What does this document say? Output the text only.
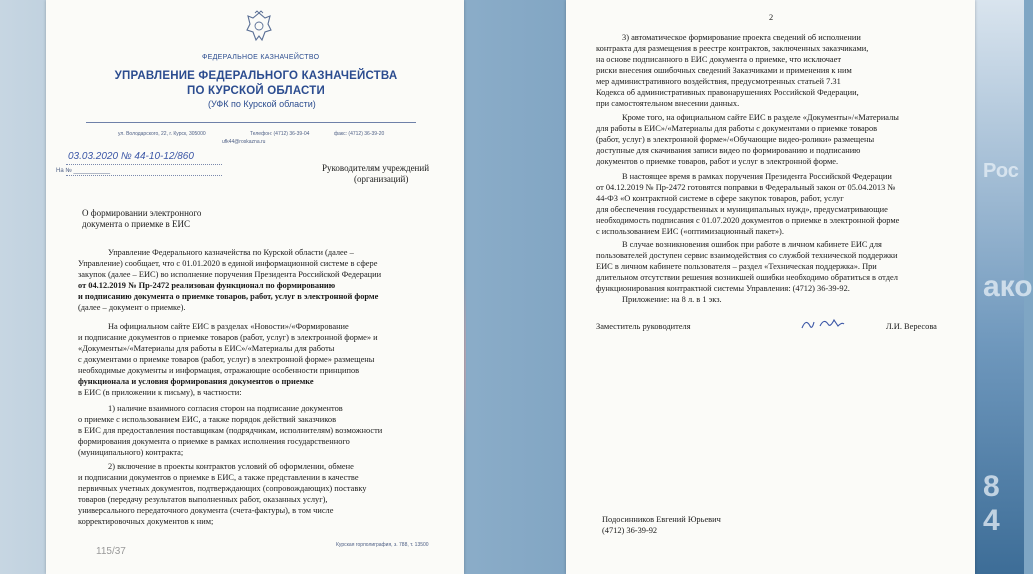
Рос
ако
8 4

ФЕДЕРАЛЬНОЕ КАЗНАЧЕЙСТВО

УПРАВЛЕНИЕ ФЕДЕРАЛЬНОГО КАЗНАЧЕЙСТВА

ПО КУРСКОЙ ОБЛАСТИ

(УФК по Курской области)

ул. Володарского, 22, г. Курск, 305000	Телефон: (4712) 36-39-04	факс: (4712) 36-39-20

ufk44@roskazna.ru

03.03.2020 № 44-10-12/860

На № ___________	Руководителям учреждений

(организаций)

О формировании электронного

документа о приемке в ЕИС

Управление Федерального казначейства по Курской области (далее –

Управление) сообщает, что с 01.01.2020 в единой информационной системе в сфере

закупок (далее – ЕИС) во исполнение поручения Президента Российской Федерации

от 04.12.2019 № Пр-2472 реализован функционал по формированию

и подписанию документа о приемке товаров, работ, услуг в электронной форме

(далее – документ о приемке).

На официальном сайте ЕИС в разделах «Новости»/«Формирование

и подписание документов о приемке товаров (работ, услуг) в электронной форме» и

«Документы»/«Материалы для работы в ЕИС»/«Материалы для работы

с документами о приемке товаров (работ, услуг) в электронной форме» размещены

необходимые документы и информация, отражающие особенности принципов

функционала и условия формирования документов о приемке

в ЕИС (в приложении к письму), в частности:

1) наличие взаимного согласия сторон на подписание документов

о приемке с использованием ЕИС, а также порядок действий заказчиков

в ЕИС для предоставления поставщикам (подрядчикам, исполнителям) возможности

формирования документа о приемке в рамках исполнения государственного

(муниципального) контракта;

2) включение в проекты контрактов условий об оформлении, обмене

и подписании документов о приемке в ЕИС, а также представлении в качестве

первичных учетных документов, подтверждающих (сопровождающих) поставку

товаров (передачу результатов выполненных работ, оказанных услуг),

универсального передаточного документа (счета-фактуры), в том числе

корректировочных документов к ним;

Курская горполиграфия, з. 788, т. 13500

115/37

2

3) автоматическое формирование проекта сведений об исполнении

контракта для размещения в реестре контрактов, заключенных заказчиками,

на основе подписанного в ЕИС документа о приемке, что исключает

риски внесения ошибочных сведений Заказчиками и применения к ним

мер административного воздействия, предусмотренных статьей 7.31

Кодекса об административных правонарушениях Российской Федерации,

при самостоятельном внесении данных.

Кроме того, на официальном сайте ЕИС в разделе «Документы»/«Материалы

для работы в ЕИС»/«Материалы для работы с документами о приемке товаров

(работ, услуг) в электронной форме»/«Обучающие видео-ролики» размещены

доступные для скачивания записи видео по формированию и подписанию

документов о приемке товаров, работ и услуг в электронной форме.

В настоящее время в рамках поручения Президента Российской Федерации

от 04.12.2019 № Пр-2472 готовятся поправки в Федеральный закон от 05.04.2013 №

44-ФЗ «О контрактной системе в сфере закупок товаров, работ, услуг

для обеспечения государственных и муниципальных нужд», предусматривающие

необходимость подписания с 01.07.2020 документов о приемке в электронной форме

с использованием ЕИС («оптимизационный пакет»).

В случае возникновения ошибок при работе в личном кабинете ЕИС для

пользователей доступен сервис взаимодействия со службой технической поддержки

ЕИС в личном кабинете пользователя – раздел «Техническая поддержка». При

длительном отсутствии решения возникшей ошибки необходимо обратиться в отдел

функционирования контрактной системы Управления: (4712) 36-39-92.

Приложение: на 8 л. в 1 экз.

Заместитель руководителя	Л.И. Вересова

Подосинников Евгений Юрьевич

(4712) 36-39-92
